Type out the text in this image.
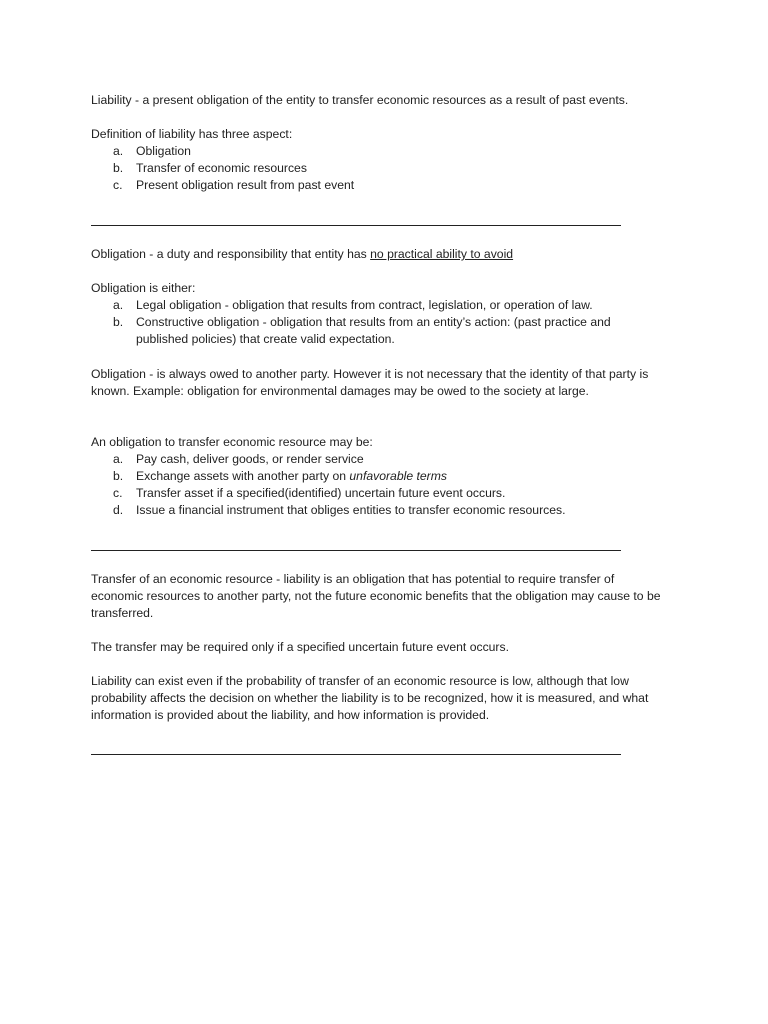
Liability - a present obligation of the entity to transfer economic resources as a result of past events.

Definition of liability has three aspect:

a.	Obligation
b.	Transfer of economic resources
c.	Present obligation result from past event

Obligation - a duty and responsibility that entity has no practical ability to avoid

Obligation is either:

a.	Legal obligation - obligation that results from contract, legislation, or operation of law.
b.	Constructive obligation - obligation that results from an entity’s action: (past practice and
published policies) that create valid expectation.

Obligation - is always owed to another party. However it is not necessary that the identity of that party is

known. Example: obligation for environmental damages may be owed to the society at large.

An obligation to transfer economic resource may be:

a.	Pay cash, deliver goods, or render service
b.	Exchange assets with another party on unfavorable terms
c.	Transfer asset if a specified(identified) uncertain future event occurs.
d.	Issue a financial instrument that obliges entities to transfer economic resources.

Transfer of an economic resource - liability is an obligation that has potential to require transfer of

economic resources to another party, not the future economic benefits that the obligation may cause to be

transferred.

The transfer may be required only if a specified uncertain future event occurs.

Liability can exist even if the probability of transfer of an economic resource is low, although that low

probability affects the decision on whether the liability is to be recognized, how it is measured, and what

information is provided about the liability, and how information is provided.
